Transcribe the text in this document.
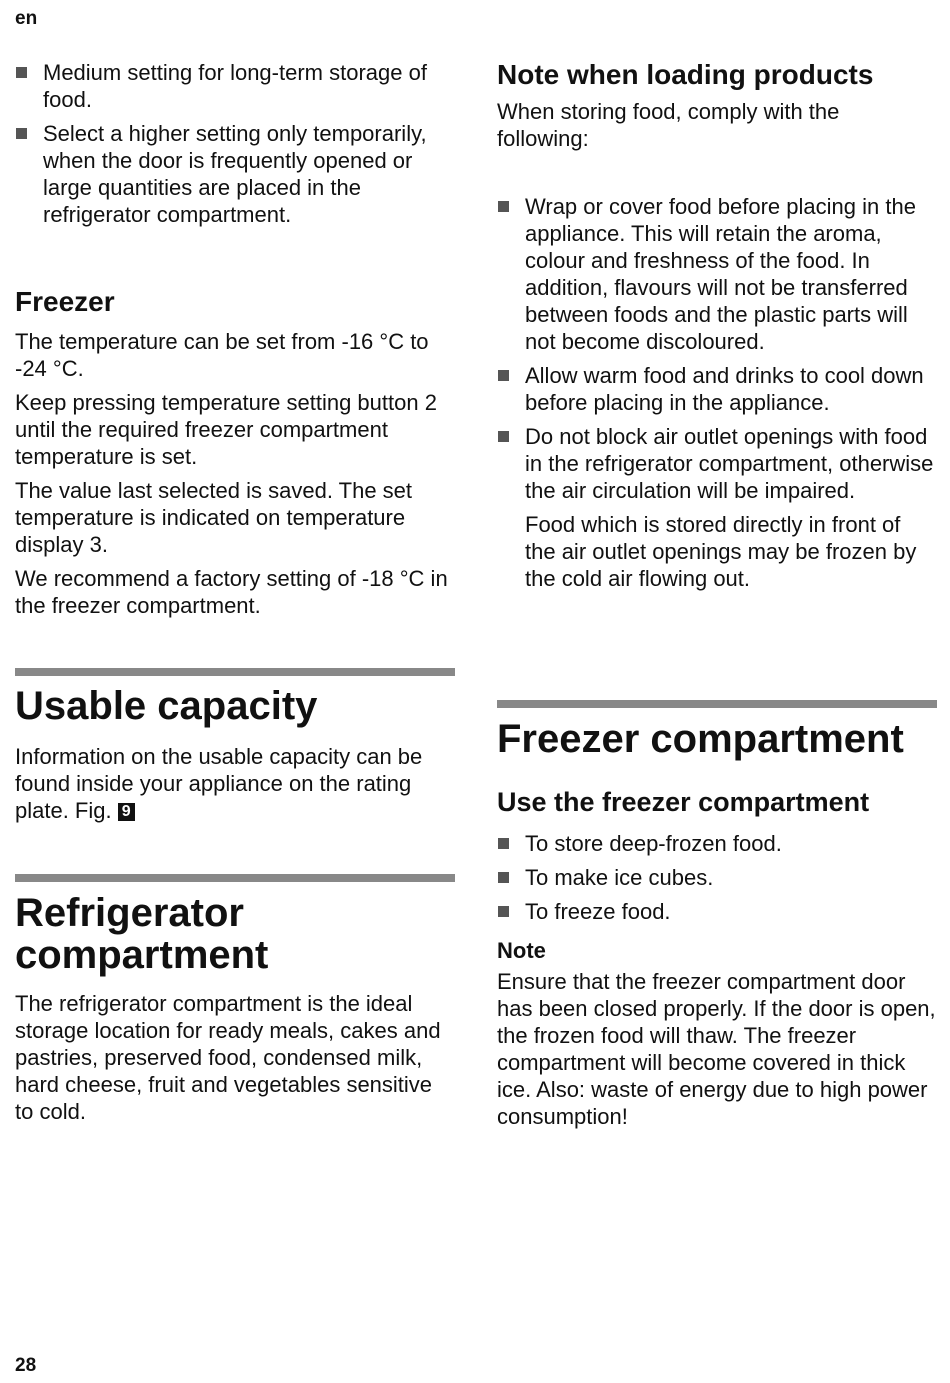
en
Medium setting for long-term storage of food.
Select a higher setting only temporarily, when the door is frequently opened or large quantities are placed in the refrigerator compartment.
Freezer

The temperature can be set from -16 °C to -24 °C.

Keep pressing temperature setting button 2 until the required freezer compartment temperature is set.

The value last selected is saved. The set temperature is indicated on temperature display 3.

We recommend a factory setting of -18 °C in the freezer compartment.

Usable capacity

Information on the usable capacity can be found inside your appliance on the rating plate. Fig. 9

Refrigerator compartment

The refrigerator compartment is the ideal storage location for ready meals, cakes and pastries, preserved food, condensed milk, hard cheese, fruit and vegetables sensitive to cold.

Note when loading products

When storing food, comply with the following:

Wrap or cover food before placing in the appliance. This will retain the aroma, colour and freshness of the food. In addition, flavours will not be transferred between foods and the plastic parts will not become discoloured.
Allow warm food and drinks to cool down before placing in the appliance.
Do not block air outlet openings with food in the refrigerator compartment, otherwise the air circulation will be impaired.

Food which is stored directly in front of the air outlet openings may be frozen by the cold air flowing out.

Freezer compartment
Use the freezer compartment
To store deep-frozen food.
To make ice cubes.
To freeze food.
Note

Ensure that the freezer compartment door has been closed properly. If the door is open, the frozen food will thaw. The freezer compartment will become covered in thick ice. Also: waste of energy due to high power consumption!

28
